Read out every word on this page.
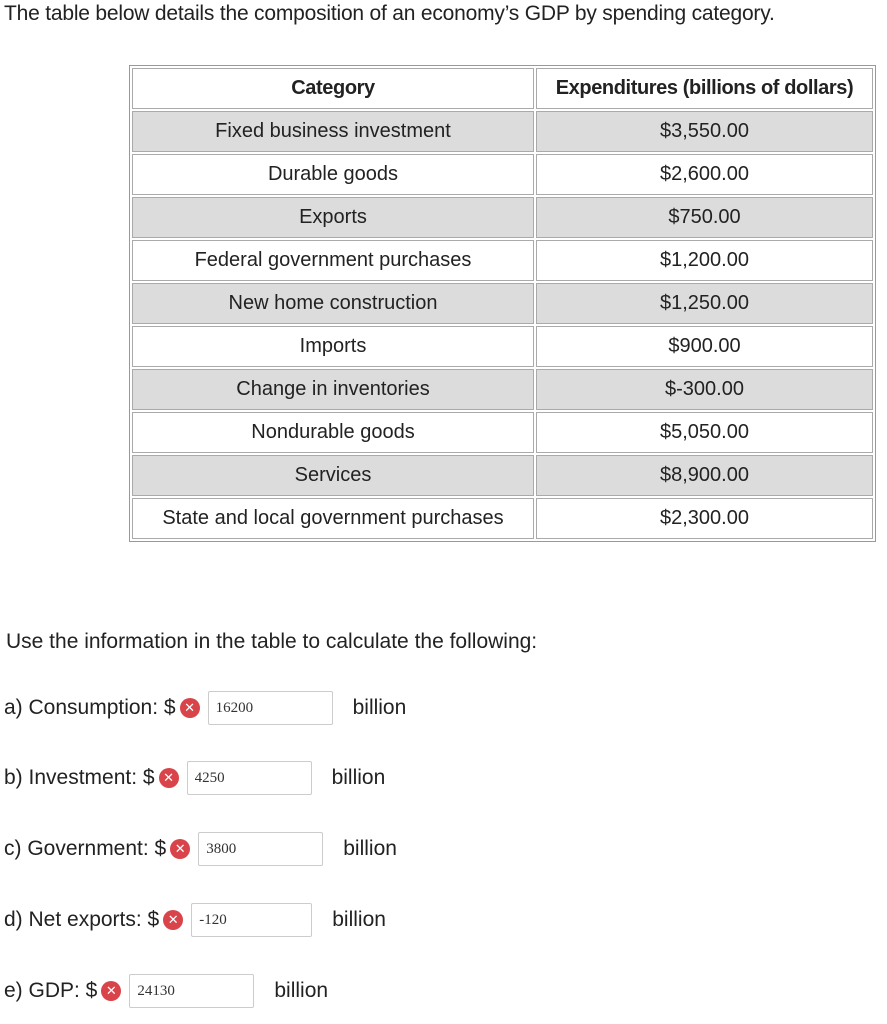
The table below details the composition of an economy’s GDP by spending category.
Category	Expenditures (billions of dollars)
Fixed business investment	$3,550.00
Durable goods	$2,600.00
Exports	$750.00
Federal government purchases	$1,200.00
New home construction	$1,250.00
Imports	$900.00
Change in inventories	$-300.00
Nondurable goods	$5,050.00
Services	$8,900.00
State and local government purchases	$2,300.00
Use the information in the table to calculate the following:
a) Consumption: $ ✕
16200	billion
b) Investment: $ ✕
4250	billion
c) Government: $ ✕
3800	billion
d) Net exports: $ ✕
-120	billion
e) GDP: $ ✕
24130	billion
